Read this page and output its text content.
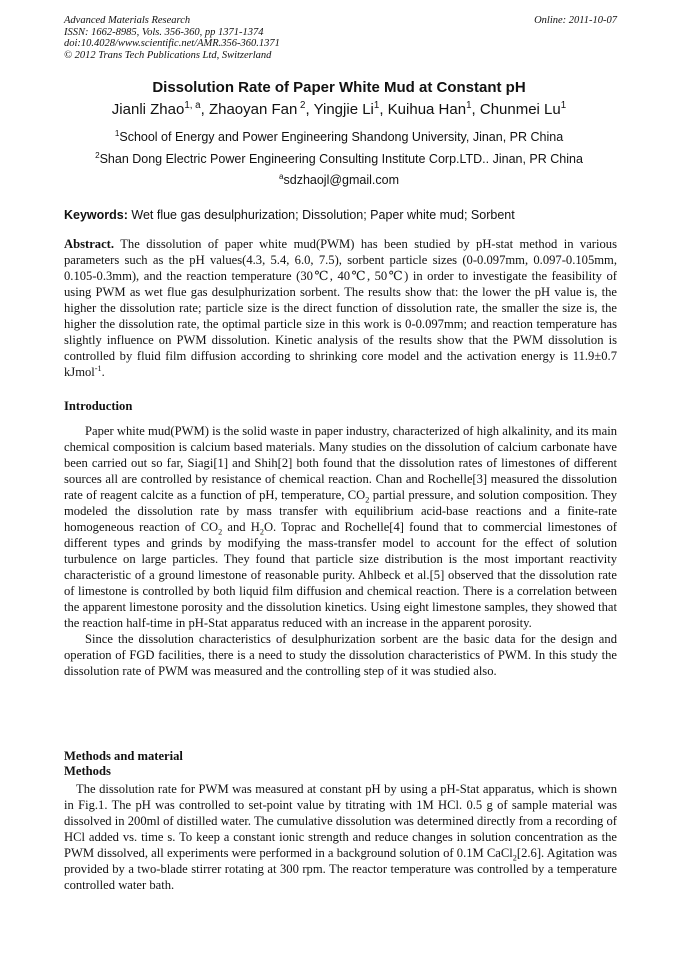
Advanced Materials Research
ISSN: 1662-8985, Vols. 356-360, pp 1371-1374
doi:10.4028/www.scientific.net/AMR.356-360.1371
© 2012 Trans Tech Publications Ltd, Switzerland
Online: 2011-10-07
Dissolution Rate of Paper White Mud at Constant pH
Jianli Zhao$^{1, a}$, Zhaoyan Fan $^2$, Yingjie Li$^1$, Kuihua Han$^1$, Chunmei Lu$^1$
$^1$School of Energy and Power Engineering Shandong University, Jinan, PR China
$^2$Shan Dong Electric Power Engineering Consulting Institute Corp.LTD.. Jinan, PR China
$^a$sdzhaojl@gmail.com
Keywords: Wet flue gas desulphurization; Dissolution; Paper white mud; Sorbent
Abstract. The dissolution of paper white mud(PWM) has been studied by pH-stat method in various parameters such as the pH values(4.3, 5.4, 6.0, 7.5), sorbent particle sizes (0-0.097mm, 0.097-0.105mm, 0.105-0.3mm), and the reaction temperature (30℃, 40℃, 50℃) in order to investigate the feasibility of using PWM as wet flue gas desulphurization sorbent. The results show that: the lower the pH value is, the higher the dissolution rate; particle size is the direct function of dissolution rate, the smaller the size is, the higher the dissolution rate, the optimal particle size in this work is 0-0.097mm; and reaction temperature has slightly influence on PWM dissolution. Kinetic analysis of the results show that the PWM dissolution is controlled by fluid film diffusion according to shrinking core model and the activation energy is 11.9±0.7 kJmol$^{-1}$.
Introduction

Paper white mud(PWM) is the solid waste in paper industry, characterized of high alkalinity, and its main chemical composition is calcium based materials. Many studies on the dissolution of calcium carbonate have been carried out so far, Siagi[1] and Shih[2] both found that the dissolution rates of limestones of different sources all are controlled by resistance of chemical reaction. Chan and Rochelle[3] measured the dissolution rate of reagent calcite as a function of pH, temperature, $CO_2$ partial pressure, and solution composition. They modeled the dissolution rate by mass transfer with equilibrium acid-base reactions and a finite-rate homogeneous reaction of $CO_2$ and $H_2O$. Toprac and Rochelle[4] found that to commercial limestones of different types and grinds by modifying the mass-transfer model to account for the effect of solution turbulence on large particles. They found that particle size distribution is the most important reactivity characteristic of a ground limestone of reasonable purity. Ahlbeck et al.[5] observed that the dissolution rate of limestone is controlled by both liquid film diffusion and chemical reaction. There is a correlation between the apparent limestone porosity and the dissolution kinetics. Using eight limestone samples, they showed that the reaction half-time in pH-Stat apparatus reduced with an increase in the apparent porosity.

Since the dissolution characteristics of desulphurization sorbent are the basic data for the design and operation of FGD facilities, there is a need to study the dissolution characteristics of PWM. In this study the dissolution rate of PWM was measured and the controlling step of it was studied also.

Methods and material
Methods

The dissolution rate for PWM was measured at constant pH by using a pH-Stat apparatus, which is shown in Fig.1. The pH was controlled to set-point value by titrating with 1M HCl. 0.5 g of sample material was dissolved in 200ml of distilled water. The cumulative dissolution was determined directly from a recording of HCl added vs. time s. To keep a constant ionic strength and reduce changes in solution concentration as the PWM dissolved, all experiments were performed in a background solution of 0.1M CaCl$_2$[2.6]. Agitation was provided by a two-blade stirrer rotating at 300 rpm. The reactor temperature was controlled by a temperature controlled water bath.
